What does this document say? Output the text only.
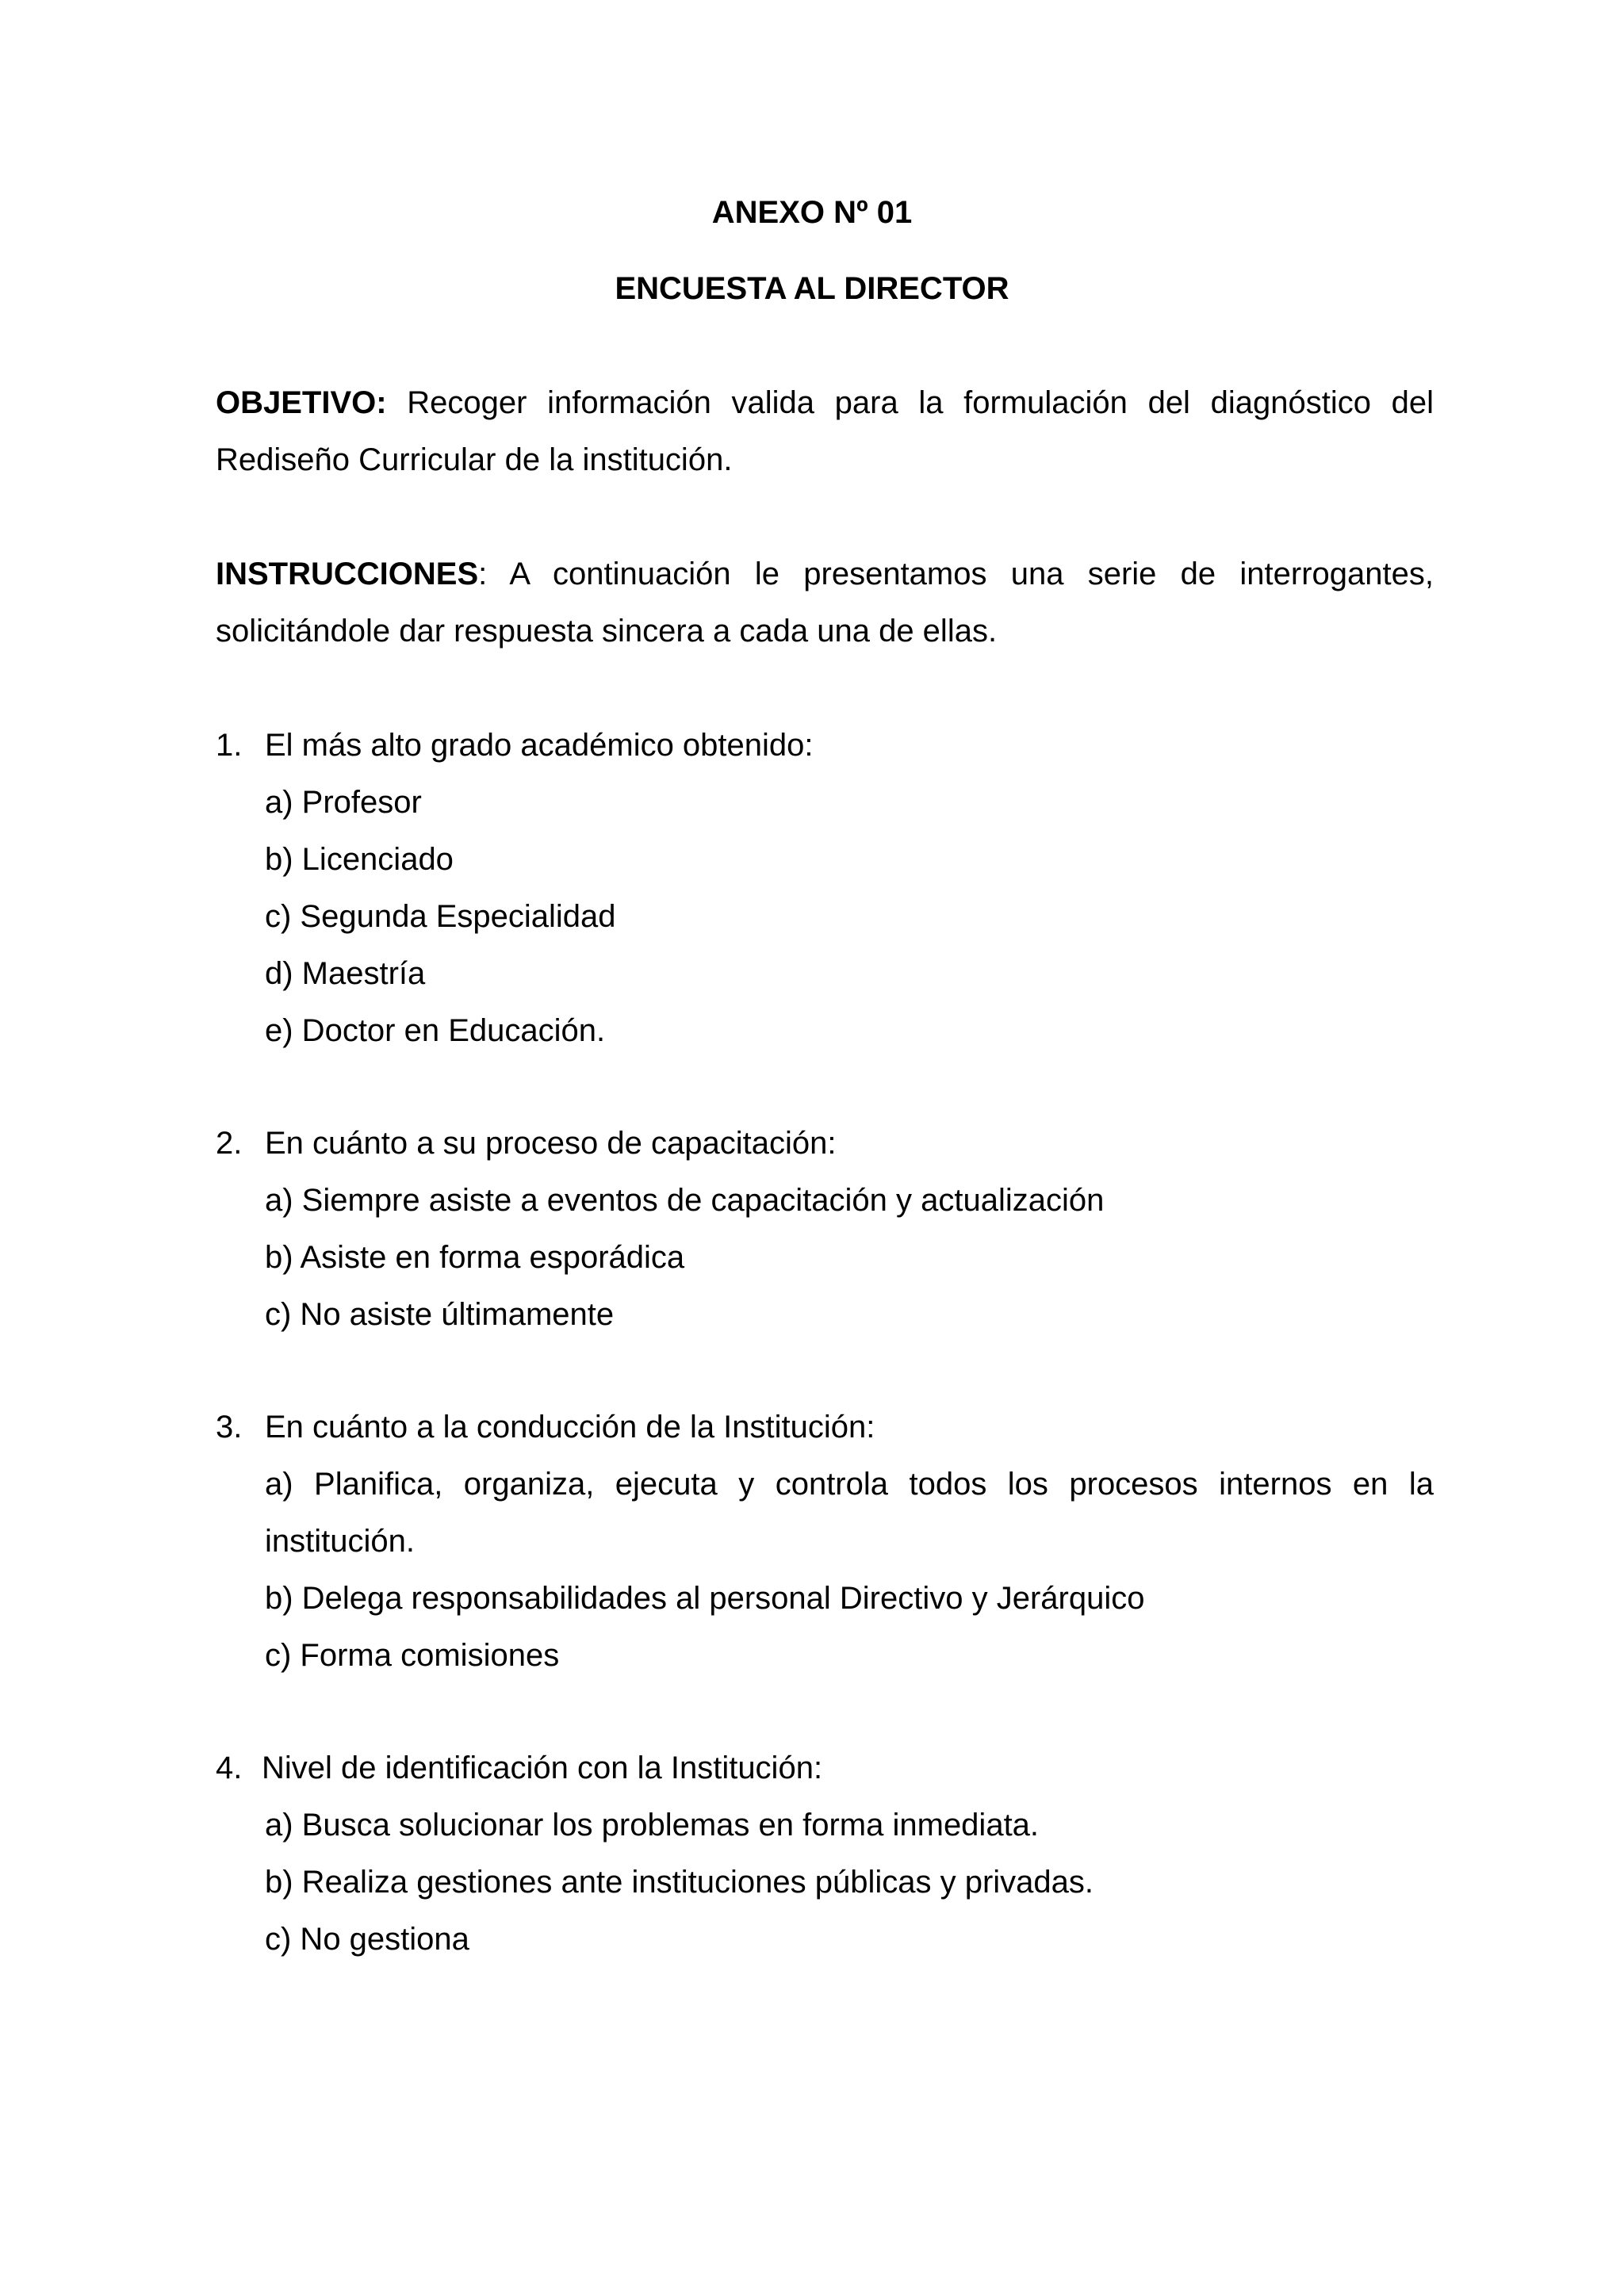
ANEXO Nº 01
ENCUESTA AL DIRECTOR
OBJETIVO: Recoger información valida para la formulación del diagnóstico del
Rediseño Curricular de la institución.
INSTRUCCIONES: A continuación le presentamos una serie de interrogantes,
solicitándole dar respuesta sincera a cada una de ellas.
1. El más alto grado académico obtenido:
a) Profesor
b) Licenciado
c) Segunda Especialidad
d) Maestría
e) Doctor en Educación.
2. En cuánto a su proceso de capacitación:
a) Siempre asiste a eventos de capacitación y actualización
b) Asiste en forma esporádica
c) No asiste últimamente
3. En cuánto a la conducción de la Institución:
a) Planifica, organiza, ejecuta y controla todos los procesos internos en la
institución.
b) Delega responsabilidades al personal Directivo y Jerárquico
c) Forma comisiones
4. Nivel de identificación con la Institución:
a) Busca solucionar los problemas en forma inmediata.
b) Realiza gestiones ante instituciones públicas y privadas.
c) No gestiona
